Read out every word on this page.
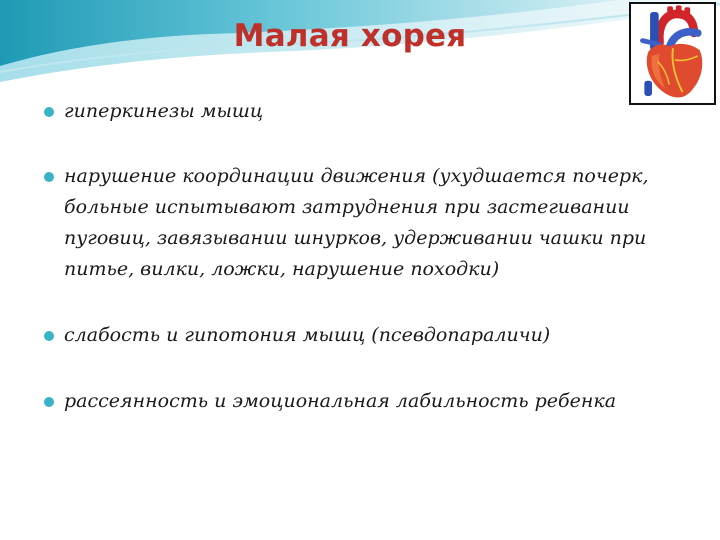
Малая хорея
гиперкинезы мышц
нарушение координации движения (ухудшается почерк, больные испытывают затруднения при застегивании пуговиц, завязывании шнурков, удерживании чашки при питье, вилки, ложки, нарушение походки)
слабость и гипотония мышц (псевдопараличи)
рассеянность и эмоциональная лабильность ребенка
